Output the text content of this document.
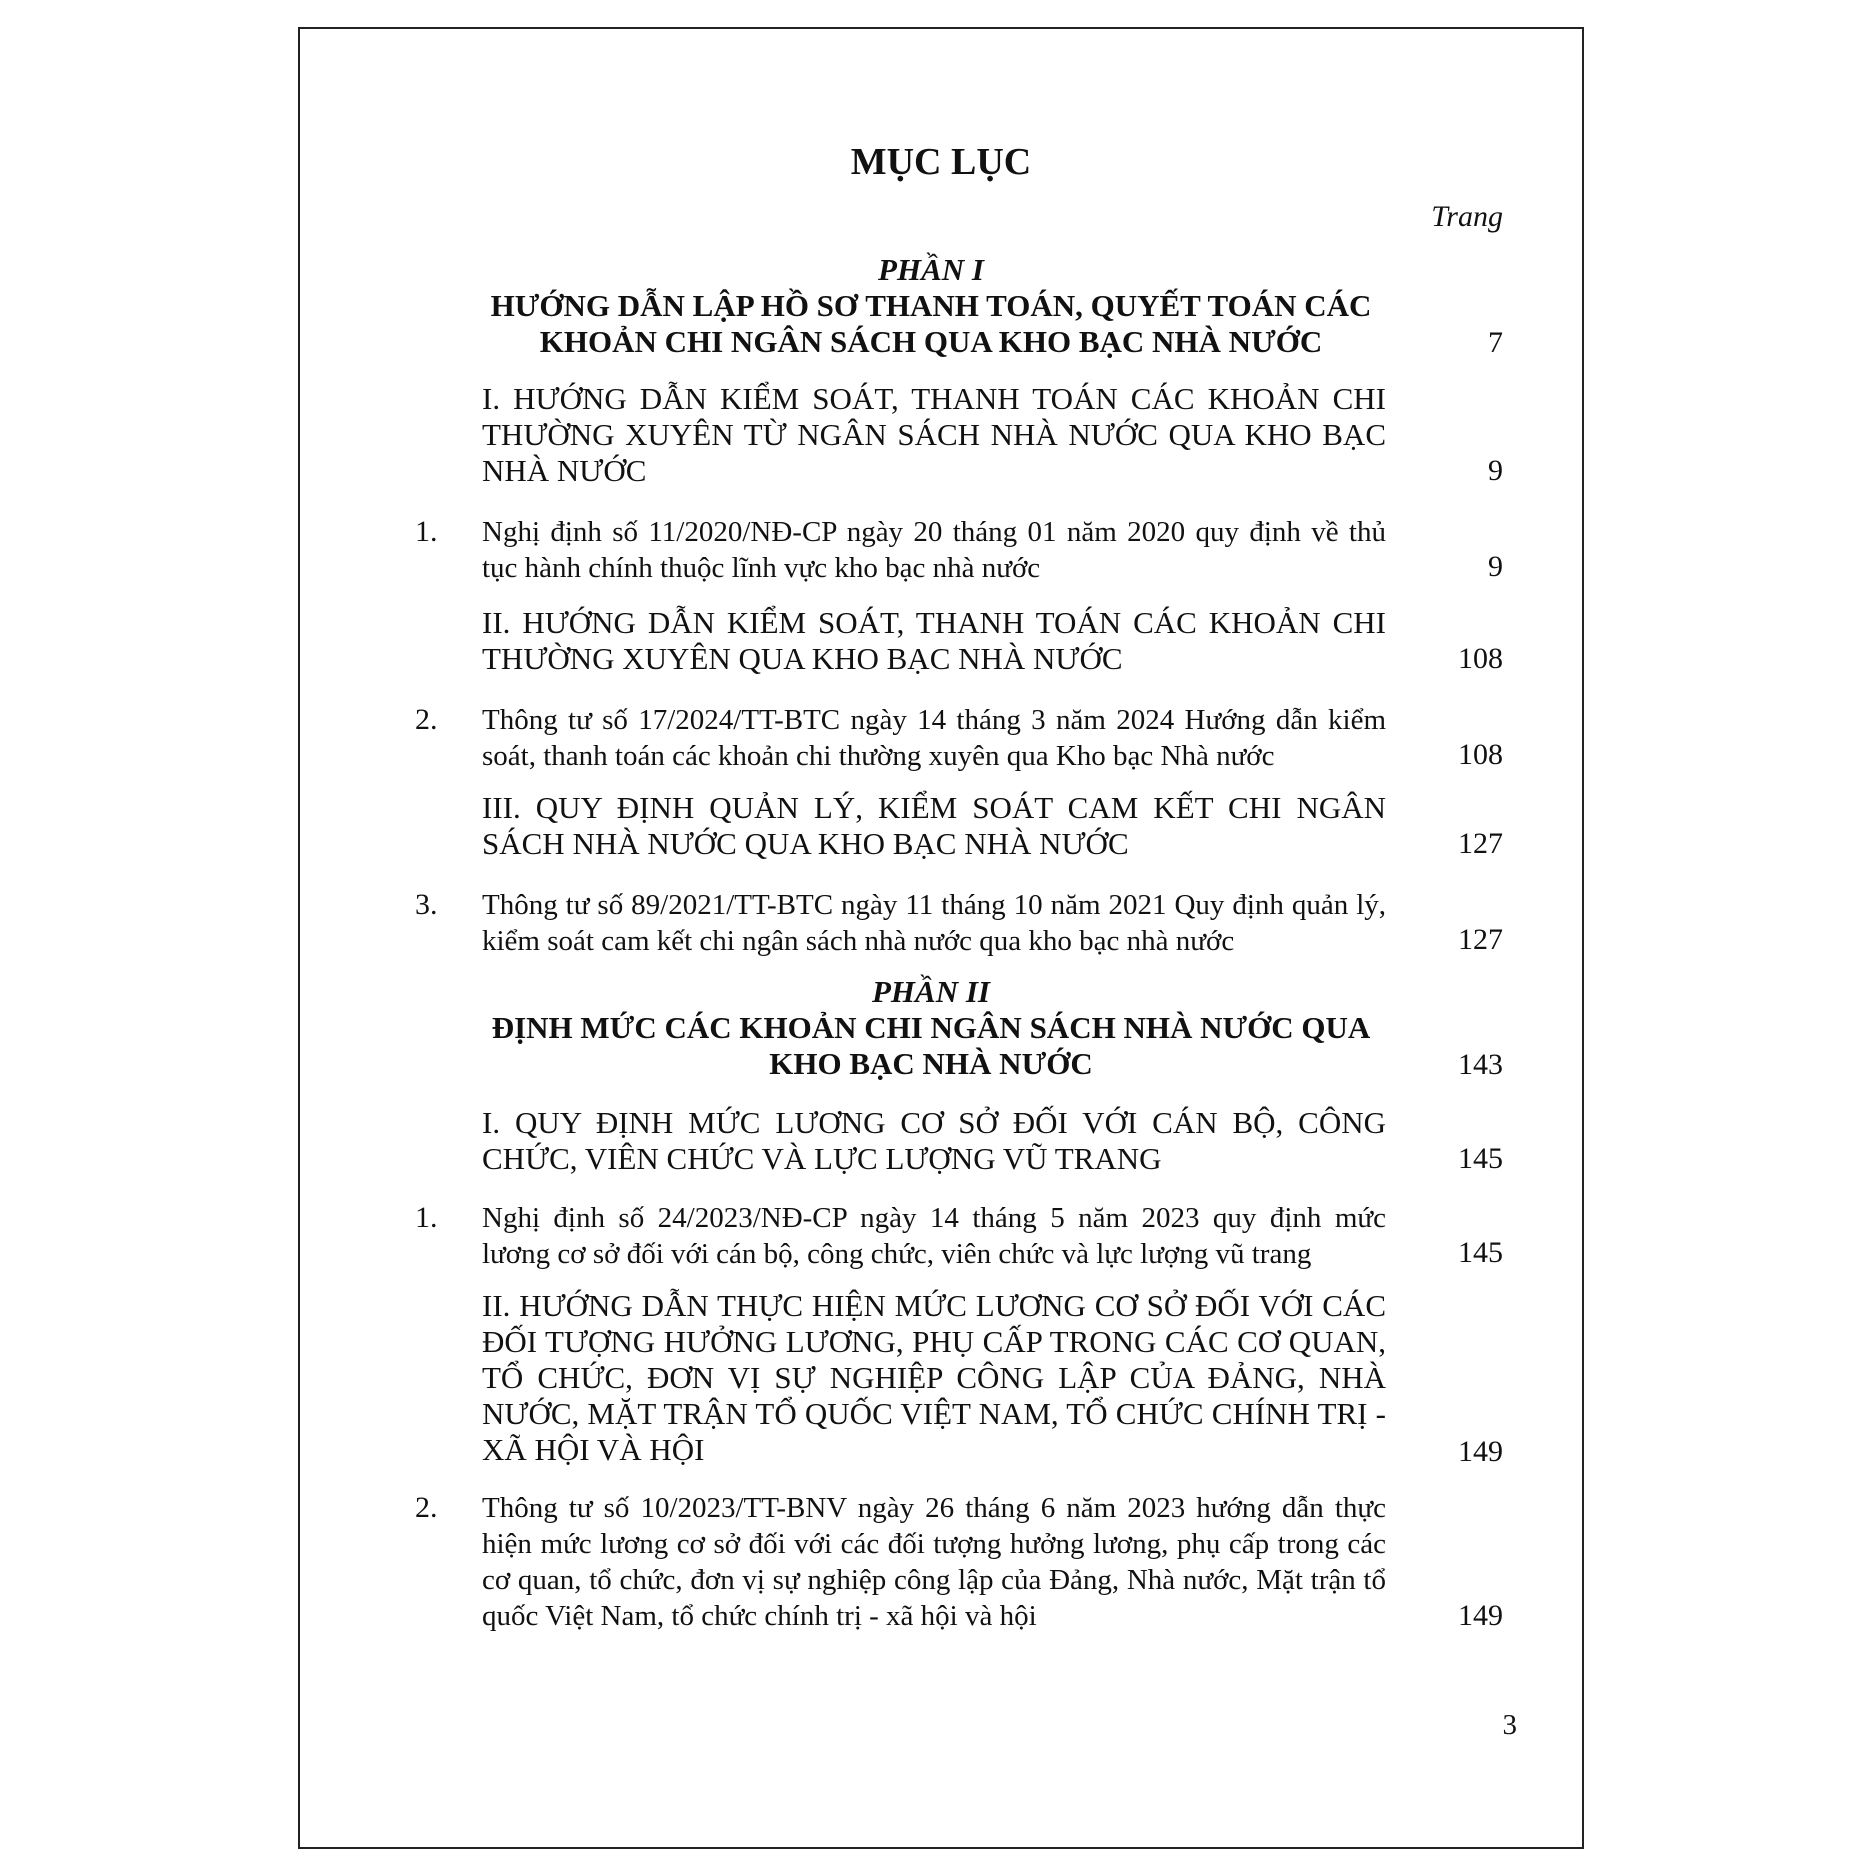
MỤC LỤC
Trang
PHẦN I
HƯỚNG DẪN LẬP HỒ SƠ THANH TOÁN, QUYẾT TOÁN CÁC
KHOẢN CHI NGÂN SÁCH QUA KHO BẠC NHÀ NƯỚC	7
I. HƯỚNG DẪN KIỂM SOÁT, THANH TOÁN CÁC KHOẢN CHI THƯỜNG XUYÊN TỪ NGÂN SÁCH NHÀ NƯỚC QUA KHO BẠC NHÀ NƯỚC	9
1. Nghị định số 11/2020/NĐ-CP ngày 20 tháng 01 năm 2020 quy định về thủ tục hành chính thuộc lĩnh vực kho bạc nhà nước	9
II. HƯỚNG DẪN KIỂM SOÁT, THANH TOÁN CÁC KHOẢN CHI THƯỜNG XUYÊN QUA KHO BẠC NHÀ NƯỚC	108
2. Thông tư số 17/2024/TT-BTC ngày 14 tháng 3 năm 2024 Hướng dẫn kiểm soát, thanh toán các khoản chi thường xuyên qua Kho bạc Nhà nước	108
III. QUY ĐỊNH QUẢN LÝ, KIỂM SOÁT CAM KẾT CHI NGÂN SÁCH NHÀ NƯỚC QUA KHO BẠC NHÀ NƯỚC	127
3. Thông tư số 89/2021/TT-BTC ngày 11 tháng 10 năm 2021 Quy định quản lý, kiểm soát cam kết chi ngân sách nhà nước qua kho bạc nhà nước	127
PHẦN II
ĐỊNH MỨC CÁC KHOẢN CHI NGÂN SÁCH NHÀ NƯỚC QUA
KHO BẠC NHÀ NƯỚC	143
I. QUY ĐỊNH MỨC LƯƠNG CƠ SỞ ĐỐI VỚI CÁN BỘ, CÔNG CHỨC, VIÊN CHỨC VÀ LỰC LƯỢNG VŨ TRANG	145
1. Nghị định số 24/2023/NĐ-CP ngày 14 tháng 5 năm 2023 quy định mức lương cơ sở đối với cán bộ, công chức, viên chức và lực lượng vũ trang	145
II. HƯỚNG DẪN THỰC HIỆN MỨC LƯƠNG CƠ SỞ ĐỐI VỚI CÁC ĐỐI TƯỢNG HƯỞNG LƯƠNG, PHỤ CẤP TRONG CÁC CƠ QUAN, TỔ CHỨC, ĐƠN VỊ SỰ NGHIỆP CÔNG LẬP CỦA ĐẢNG, NHÀ NƯỚC, MẶT TRẬN TỔ QUỐC VIỆT NAM, TỔ CHỨC CHÍNH TRỊ - XÃ HỘI VÀ HỘI	149
2. Thông tư số 10/2023/TT-BNV ngày 26 tháng 6 năm 2023 hướng dẫn thực hiện mức lương cơ sở đối với các đối tượng hưởng lương, phụ cấp trong các cơ quan, tổ chức, đơn vị sự nghiệp công lập của Đảng, Nhà nước, Mặt trận tổ quốc Việt Nam, tổ chức chính trị - xã hội và hội	149
3
